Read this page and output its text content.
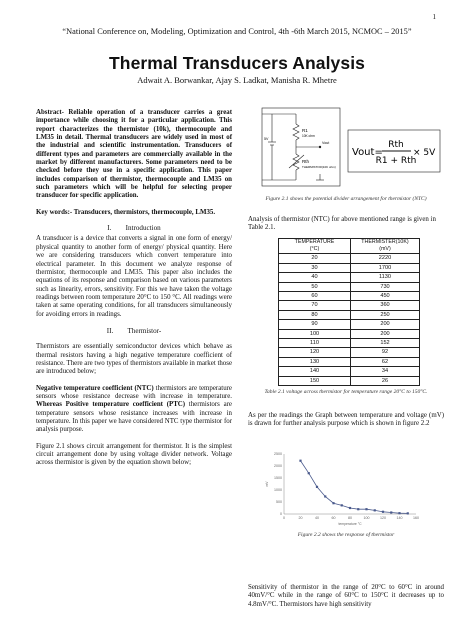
1
“National Conference on, Modeling, Optimization and Control, 4th -6th March 2015, NCMOC – 2015”
Thermal Transducers Analysis
Adwait A. Borwankar, Ajay S. Ladkat, Manisha R. Mhetre

Abstract- Reliable operation of a transducer carries a great importance while choosing it for a particular application. This report characterizes the thermistor (10k), thermocouple and LM35 in detail. Thermal transducers are widely used in most of the industrial and scientific instrumentation. Transducers of different types and parameters are commercially available in the market by different manufacturers. Some parameters need to be checked before they use in a specific application. This paper includes comparison of thermistor, thermocouple and LM35 on such parameters which will be helpful for selecting proper transducer for specific application.

Key words:- Transducers, thermistors, thermocouple, LM35.

I.  Introduction

A transducer is a device that converts a signal in one form of energy/ physical quantity to another form of energy/ physical quantity. Here we are considering transducers which convert temperature into electrical parameter. In this document we analyze response of thermistor, thermocouple and LM35. This paper also includes the equations of its response and comparison based on various parameters such as linearity, errors, sensitivity. For this we have taken the voltage readings between room temperature 20°C to 150 °C. All readings were taken at same operating conditions, for all transducers simultaneously for avoiding errors in readings.

II.  Thermistor-

Thermistors are essentially semiconductor devices which behave as thermal resistors having a high negative temperature coefficient of resistance. There are two types of thermistors available in market those are introduced below;

Negative temperature coefficient (NTC) thermistors are temperature sensors whose resistance decrease with increase in temperature. Whereas Positive temperature coefficient (PTC) thermistors are temperature sensors whose resistance increases with increase in temperature. In this paper we have considered NTC type thermistor for analysis purpose.

Figure 2.1 shows circuit arrangement for thermistor. It is the simplest circuit arrangement done by using voltage divider network. Voltage across thermistor is given by the equation shown below;

R1
10K ohm
Rth
THERMISTOR(10K ohm)
5V
Vout
Vout=
Rth
R1 + Rth
× 5V
Figure 2.1 shows the potential divider arrangement for thermistor (NTC)
Analysis of thermistor (NTC) for above mentioned range is given in Table 2.1.
TEMPERATURE
(°C)	THERMISTER(10K)
(mV)
20	2220
30	1700
40	1130
50	730
60	450
70	360
80	250
90	200
100	200
110	152
120	92
130	62
140	34
150	26
Table 2.1 voltage across thermistor for temperature range 20°C to 150°C.
As per the readings the Graph between temperature and voltage (mV) is drawn for further analysis purpose which is shown in figure 2.2
0
500
1000
1500
2000
2500
0	20	40	60	80	100	120	140	160
mV
temperature °C
Figure 2.2 shows the response of thermistor
Sensitivity of thermistor in the range of 20°C to 60°C in around 40mV/°C while in the range of 60°C to 150°C it decreases up to 4.8mV/°C. Thermistors have high sensitivity
